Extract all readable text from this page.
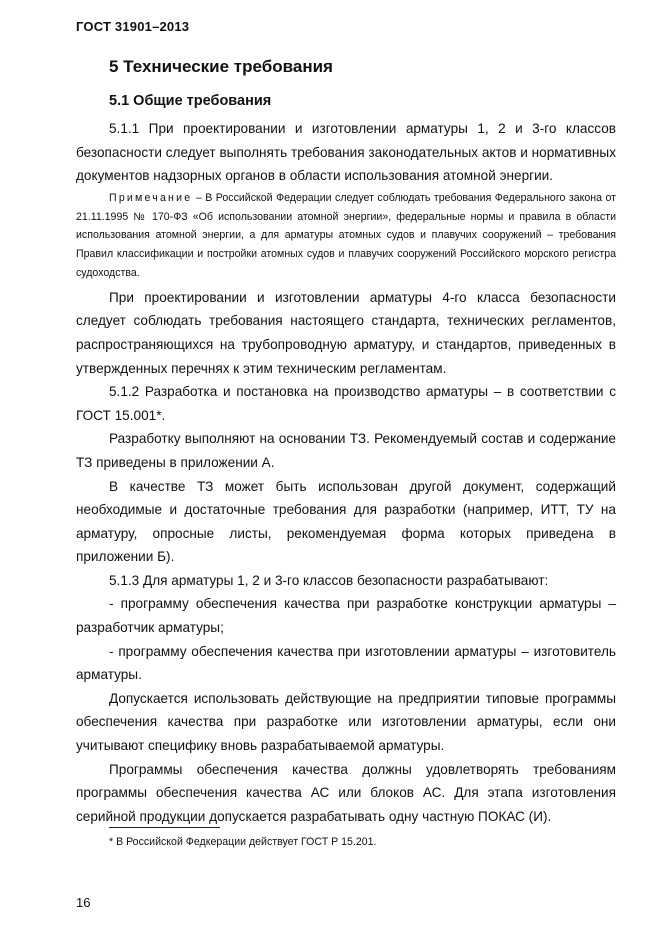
ГОСТ 31901–2013
5 Технические требования
5.1 Общие требования

5.1.1 При проектировании и изготовлении арматуры 1, 2 и 3-го классов безопасности следует выполнять требования законодательных актов и нормативных документов надзорных органов в области использования атомной энергии.

Примечание – В Российской Федерации следует соблюдать требования Федерального закона от 21.11.1995 № 170-ФЗ «Об использовании атомной энергии», федеральные нормы и правила в области использования атомной энергии, а для арматуры атомных судов и плавучих сооружений – требования Правил классификации и постройки атомных судов и плавучих сооружений Российского морского регистра судоходства.

При проектировании и изготовлении арматуры 4-го класса безопасности следует соблюдать требования настоящего стандарта, технических регламентов, распространяющихся на трубопроводную арматуру, и стандартов, приведенных в утвержденных перечнях к этим техническим регламентам.

5.1.2 Разработка и постановка на производство арматуры – в соответствии с ГОСТ 15.001*.

Разработку выполняют на основании ТЗ. Рекомендуемый состав и содержание ТЗ приведены в приложении А.

В качестве ТЗ может быть использован другой документ, содержащий необходимые и достаточные требования для разработки (например, ИТТ, ТУ на арматуру, опросные листы, рекомендуемая форма которых приведена в приложении Б).

5.1.3 Для арматуры 1, 2 и 3-го классов безопасности разрабатывают:

- программу обеспечения качества при разработке конструкции арматуры – разработчик арматуры;

- программу обеспечения качества при изготовлении арматуры – изготовитель арматуры.

Допускается использовать действующие на предприятии типовые программы обеспечения качества при разработке или изготовлении арматуры, если они учитывают специфику вновь разрабатываемой арматуры.

Программы обеспечения качества должны удовлетворять требованиям программы обеспечения качества АС или блоков АС. Для этапа изготовления серийной продукции допускается разрабатывать одну частную ПОКАС (И).

* В Российской Федкерации действует ГОСТ Р 15.201.
16
